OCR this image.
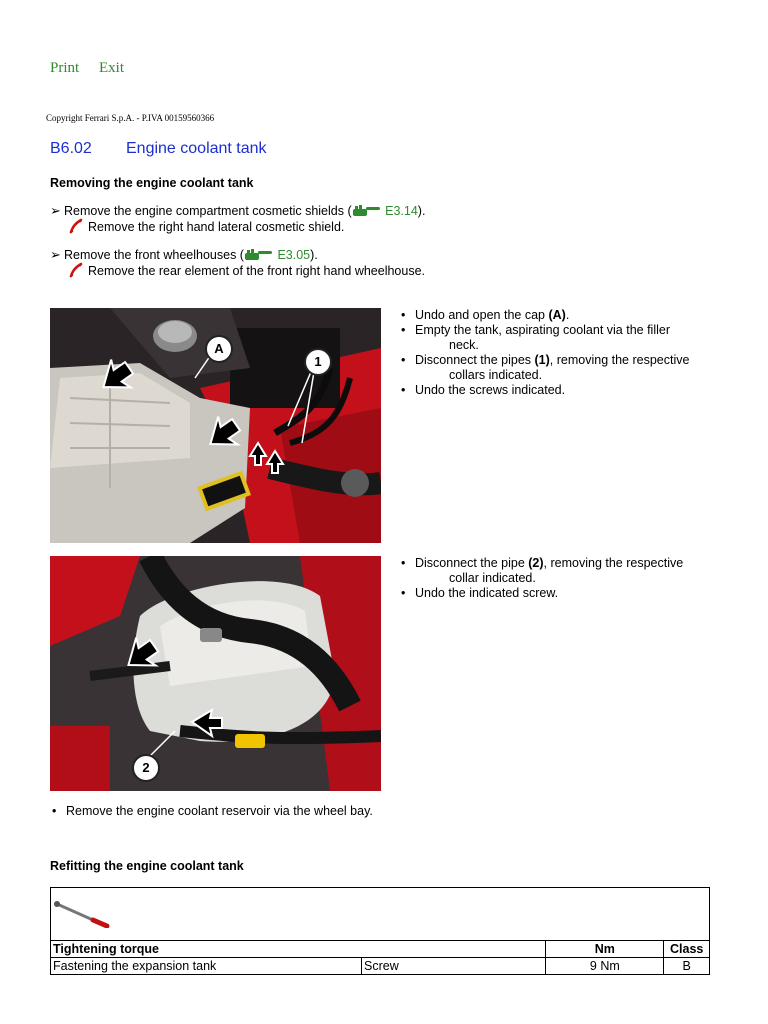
Print Exit
Copyright Ferrari S.p.A. - P.IVA 00159560366
B6.02 Engine coolant tank
Removing the engine coolant tank
➢ Remove the engine compartment cosmetic shields (	E3.14).
Remove the right hand lateral cosmetic shield.
➢ Remove the front wheelhouses (	E3.05).
Remove the rear element of the front right hand wheelhouse.
A
1
• Undo and open the cap (A).
• Empty the tank, aspirating coolant via the filler
neck.
• Disconnect the pipes (1), removing the respective
collars indicated.
• Undo the screws indicated.
2
• Disconnect the pipe (2), removing the respective
collar indicated.
• Undo the indicated screw.
• Remove the engine coolant reservoir via the wheel bay.
Refitting the engine coolant tank

Tightening torque		Nm	Class
Fastening the expansion tank	Screw	9 Nm	B
